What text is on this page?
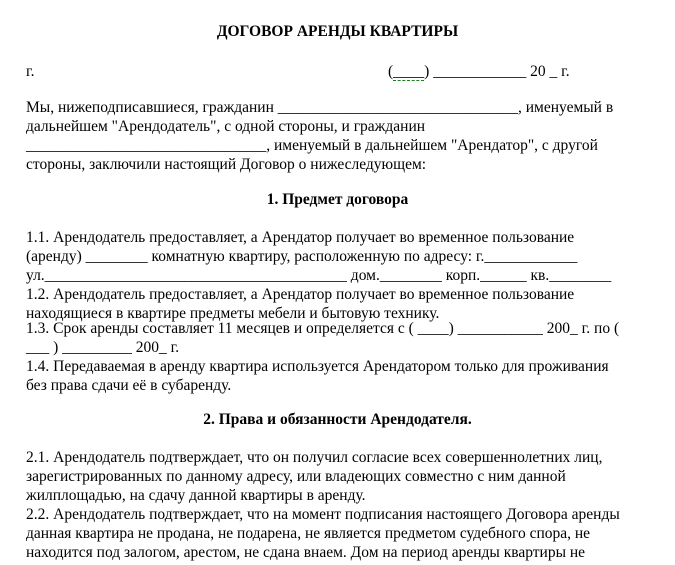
ДОГОВОР АРЕНДЫ КВАРТИРЫ
г.	(____) ____________ 20 _ г.
Мы, нижеподписавшиеся, гражданин _______________________________, именуемый в
дальнейшем "Арендодатель", с одной стороны, и гражданин
_______________________________, именуемый в дальнейшем "Арендатор", с другой
стороны, заключили настоящий Договор о нижеследующем:
1. Предмет договора
1.1. Арендодатель предоставляет, а Арендатор получает во временное пользование
(аренду) ________ комнатную квартиру, расположенную по адресу: г.____________
ул._______________________________________ дом.________ корп.______ кв.________
1.2. Арендодатель предоставляет, а Арендатор получает во временное пользование
находящиеся в квартире предметы мебели и бытовую технику.
1.3. Срок аренды составляет 11 месяцев и определяется с ( ____) ___________ 200_ г. по (
___ ) _________ 200_ г.
1.4. Передаваемая в аренду квартира используется Арендатором только для проживания
без права сдачи её в субаренду.
2. Права и обязанности Арендодателя.
2.1. Арендодатель подтверждает, что он получил согласие всех совершеннолетних лиц,
зарегистрированных по данному адресу, или владеющих совместно с ним данной
жилплощадью, на сдачу данной квартиры в аренду.
2.2. Арендодатель подтверждает, что на момент подписания настоящего Договора аренды
данная квартира не продана, не подарена, не является предметом судебного спора, не
находится под залогом, арестом, не сдана внаем. Дом на период аренды квартиры не
